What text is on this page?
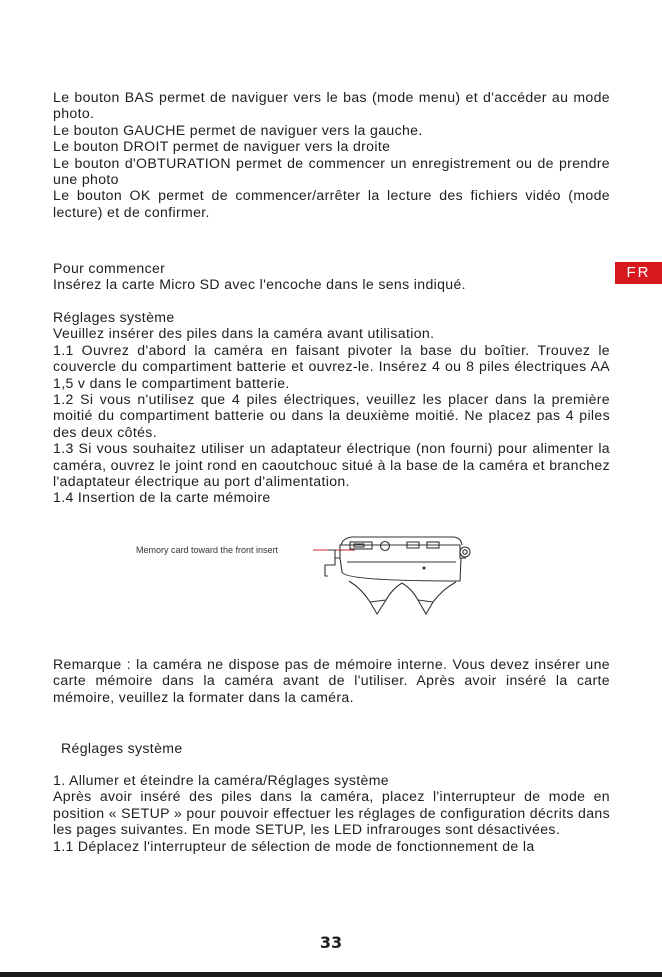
Le bouton BAS permet de naviguer vers le bas (mode menu) et d'accéder au mode photo.

Le bouton GAUCHE permet de naviguer vers la gauche.

Le bouton DROIT permet de naviguer vers la droite

Le bouton d'OBTURATION permet de commencer un enregistrement ou de prendre une photo

Le bouton OK permet de commencer/arrêter la lecture des fichiers vidéo (mode lecture) et de confirmer.

FR

Pour commencer

Insérez la carte Micro SD avec l'encoche dans le sens indiqué.

Réglages système

Veuillez insérer des piles dans la caméra avant utilisation.

1.1 Ouvrez d'abord la caméra en faisant pivoter la base du boîtier. Trouvez le couvercle du compartiment batterie et ouvrez-le. Insérez 4 ou 8 piles électriques AA 1,5 v dans le compartiment batterie.

1.2 Si vous n'utilisez que 4 piles électriques, veuillez les placer dans la première moitié du compartiment batterie ou dans la deuxième moitié. Ne placez pas 4 piles des deux côtés.

1.3 Si vous souhaitez utiliser un adaptateur électrique (non fourni) pour alimenter la caméra, ouvrez le joint rond en caoutchouc situé à la base de la caméra et branchez l'adaptateur électrique au port d'alimentation.

1.4 Insertion de la carte mémoire

Memory card toward the front insert

Remarque : la caméra ne dispose pas de mémoire interne. Vous devez insérer une carte mémoire dans la caméra avant de l'utiliser. Après avoir inséré la carte mémoire, veuillez la formater dans la caméra.

Réglages système

1. Allumer et éteindre la caméra/Réglages système

Après avoir inséré des piles dans la caméra, placez l'interrupteur de mode en position « SETUP » pour pouvoir effectuer les réglages de configuration décrits dans les pages suivantes. En mode SETUP, les LED infrarouges sont désactivées.

1.1 Déplacez l'interrupteur de sélection de mode de fonctionnement de la

33
